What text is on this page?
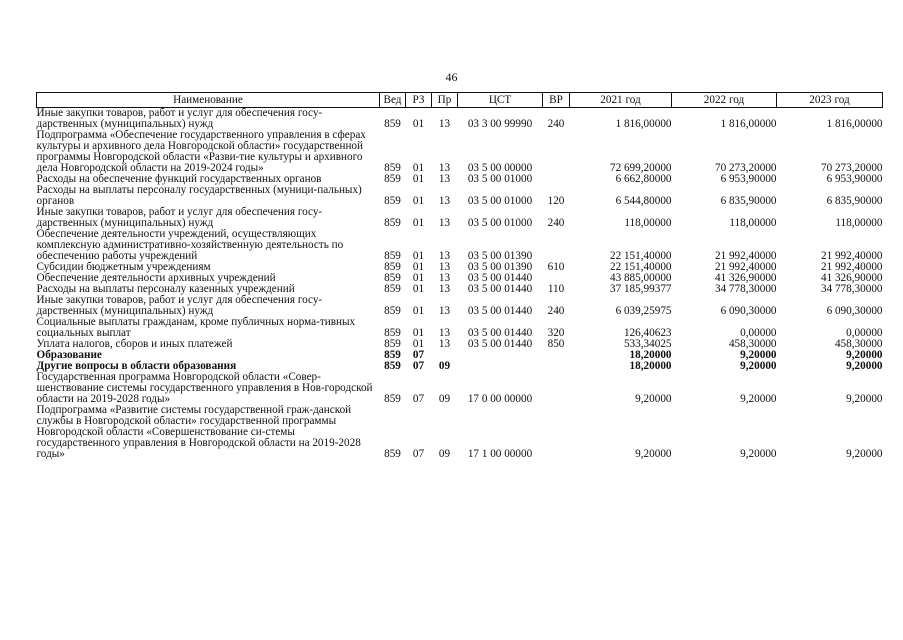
46
Наименование	Вед	РЗ	Пр	ЦСТ	ВР	2021 год	2022 год	2023 год
Иные закупки товаров, работ и услуг для обеспечения госу-дарственных (муниципальных) нужд	859	01	13	03 3 00 99990	240	1 816,00000	1 816,00000	1 816,00000
Подпрограмма «Обеспечение государственного управления в сферах культуры и архивного дела Новгородской области» государственной программы Новгородской области «Разви-тие культуры и архивного дела Новгородской области на 2019-2024 годы»	859	01	13	03 5 00 00000		72 699,20000	70 273,20000	70 273,20000
Расходы на обеспечение функций государственных органов	859	01	13	03 5 00 01000		6 662,80000	6 953,90000	6 953,90000
Расходы на выплаты персоналу государственных (муници-пальных) органов	859	01	13	03 5 00 01000	120	6 544,80000	6 835,90000	6 835,90000
Иные закупки товаров, работ и услуг для обеспечения госу-дарственных (муниципальных) нужд	859	01	13	03 5 00 01000	240	118,00000	118,00000	118,00000
Обеспечение деятельности учреждений, осуществляющих комплексную административно-хозяйственную деятельность по обеспечению работы учреждений	859	01	13	03 5 00 01390		22 151,40000	21 992,40000	21 992,40000
Субсидии бюджетным учреждениям	859	01	13	03 5 00 01390	610	22 151,40000	21 992,40000	21 992,40000
Обеспечение деятельности архивных учреждений	859	01	13	03 5 00 01440		43 885,00000	41 326,90000	41 326,90000
Расходы на выплаты персоналу казенных учреждений	859	01	13	03 5 00 01440	110	37 185,99377	34 778,30000	34 778,30000
Иные закупки товаров, работ и услуг для обеспечения госу-дарственных (муниципальных) нужд	859	01	13	03 5 00 01440	240	6 039,25975	6 090,30000	6 090,30000
Социальные выплаты гражданам, кроме публичных норма-тивных социальных выплат	859	01	13	03 5 00 01440	320	126,40623	0,00000	0,00000
Уплата налогов, сборов и иных платежей	859	01	13	03 5 00 01440	850	533,34025	458,30000	458,30000
Образование	859	07				18,20000	9,20000	9,20000
Другие вопросы в области образования	859	07	09			18,20000	9,20000	9,20000
Государственная программа Новгородской области «Совер-шенствование системы государственного управления в Нов-городской области на 2019-2028 годы»	859	07	09	17 0 00 00000		9,20000	9,20000	9,20000
Подпрограмма «Развитие системы государственной граж-данской службы в Новгородской области» государственной программы Новгородской области «Совершенствование си-стемы государственного управления в Новгородской области на 2019-2028 годы»	859	07	09	17 1 00 00000		9,20000	9,20000	9,20000
